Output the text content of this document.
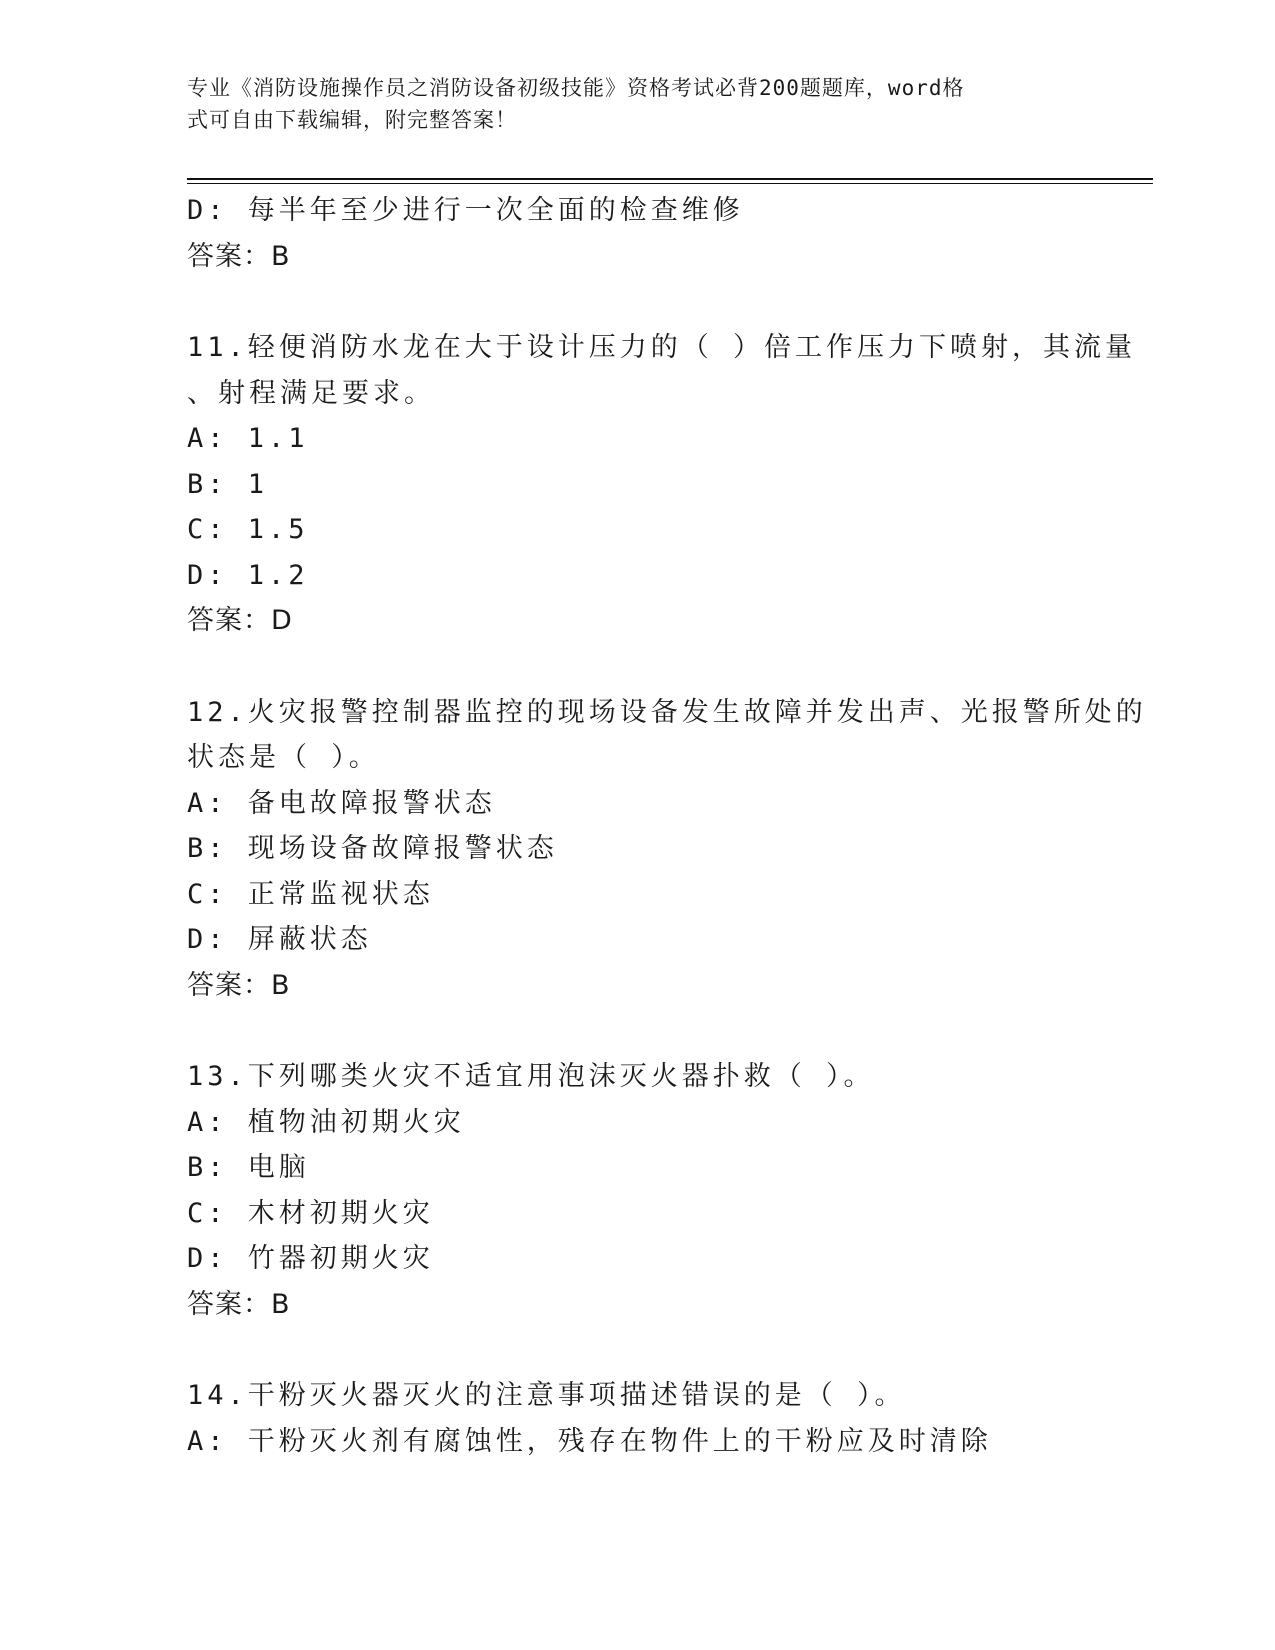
专业《消防设施操作员之消防设备初级技能》资格考试必背200题题库，word格
式可自由下载编辑，附完整答案！
D: 每半年至少进行一次全面的检查维修
答案：B
11.轻便消防水龙在大于设计压力的（ ）倍工作压力下喷射，其流量
、射程满足要求。
A: 1.1
B: 1
C: 1.5
D: 1.2
答案：D
12.火灾报警控制器监控的现场设备发生故障并发出声、光报警所处的
状态是（ ）。
A: 备电故障报警状态
B: 现场设备故障报警状态
C: 正常监视状态
D: 屏蔽状态
答案：B
13.下列哪类火灾不适宜用泡沫灭火器扑救（ ）。
A: 植物油初期火灾
B: 电脑
C: 木材初期火灾
D: 竹器初期火灾
答案：B
14.干粉灭火器灭火的注意事项描述错误的是（ ）。
A: 干粉灭火剂有腐蚀性，残存在物件上的干粉应及时清除
